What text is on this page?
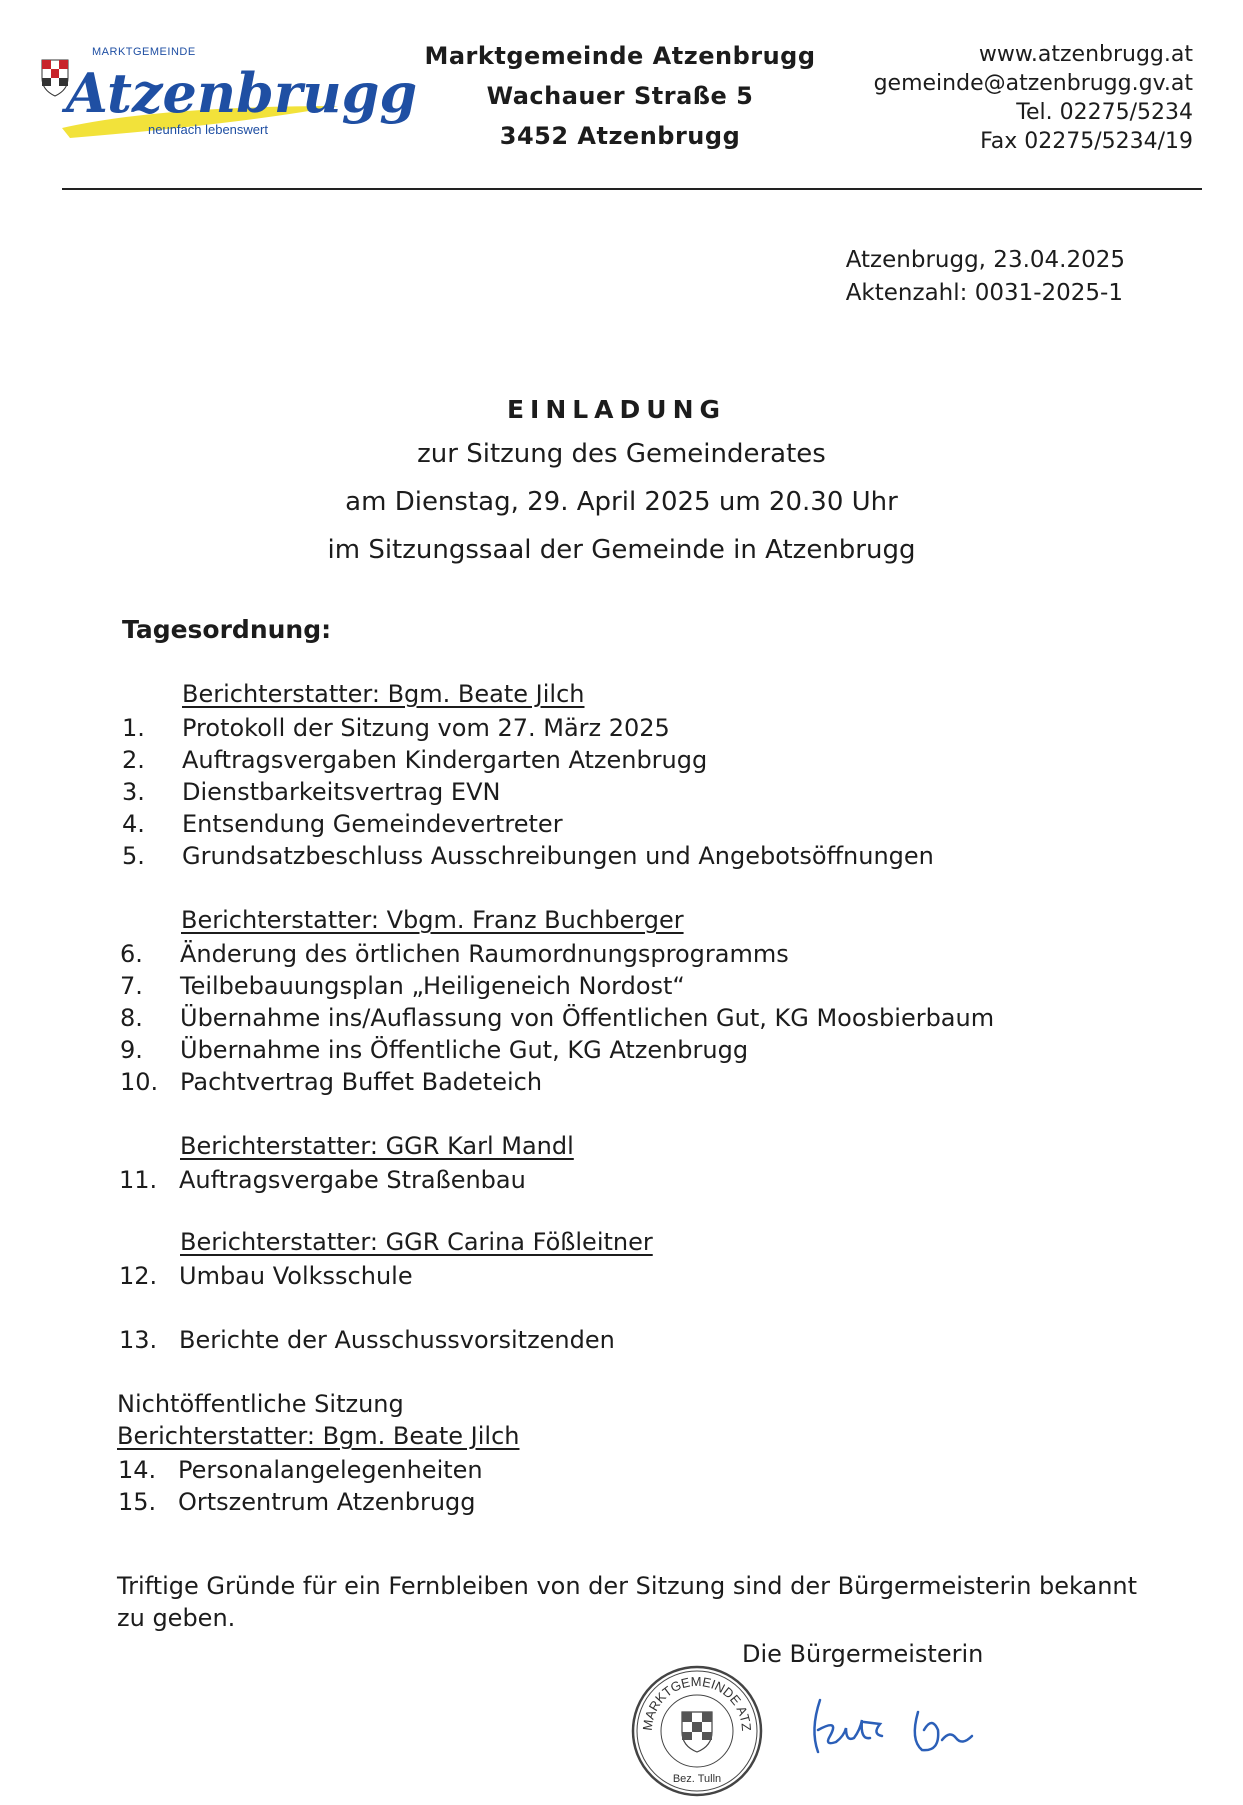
MARKTGEMEINDE
Atzenbrugg
neunfach lebenswert
Marktgemeinde Atzenbrugg
Wachauer Straße 5
3452 Atzenbrugg
www.atzenbrugg.at
gemeinde@atzenbrugg.gv.at
Tel. 02275/5234
Fax 02275/5234/19
Atzenbrugg, 23.04.2025
Aktenzahl: 0031-2025-1
EINLADUNG
zur Sitzung des Gemeinderates
am Dienstag, 29. April 2025 um 20.30 Uhr
im Sitzungssaal der Gemeinde in Atzenbrugg
Tagesordnung:
Berichterstatter: Bgm. Beate Jilch
1.	Protokoll der Sitzung vom 27. März 2025
2.	Auftragsvergaben Kindergarten Atzenbrugg
3.	Dienstbarkeitsvertrag EVN
4.	Entsendung Gemeindevertreter
5.	Grundsatzbeschluss Ausschreibungen und Angebotsöffnungen
Berichterstatter: Vbgm. Franz Buchberger
6.	Änderung des örtlichen Raumordnungsprogramms
7.	Teilbebauungsplan „Heiligeneich Nordost“
8.	Übernahme ins/Auflassung von Öffentlichen Gut, KG Moosbierbaum
9.	Übernahme ins Öffentliche Gut, KG Atzenbrugg
10. Pachtvertrag Buffet Badeteich
Berichterstatter: GGR Karl Mandl
11. Auftragsvergabe Straßenbau
Berichterstatter: GGR Carina Fößleitner
12. Umbau Volksschule
13. Berichte der Ausschussvorsitzenden
Nichtöffentliche Sitzung
Berichterstatter: Bgm. Beate Jilch
14. Personalangelegenheiten
15. Ortszentrum Atzenbrugg
Triftige Gründe für ein Fernbleiben von der Sitzung sind der Bürgermeisterin bekannt zu geben.
Die Bürgermeisterin
MARKTGEMEINDE ATZ
Bez. Tulln
